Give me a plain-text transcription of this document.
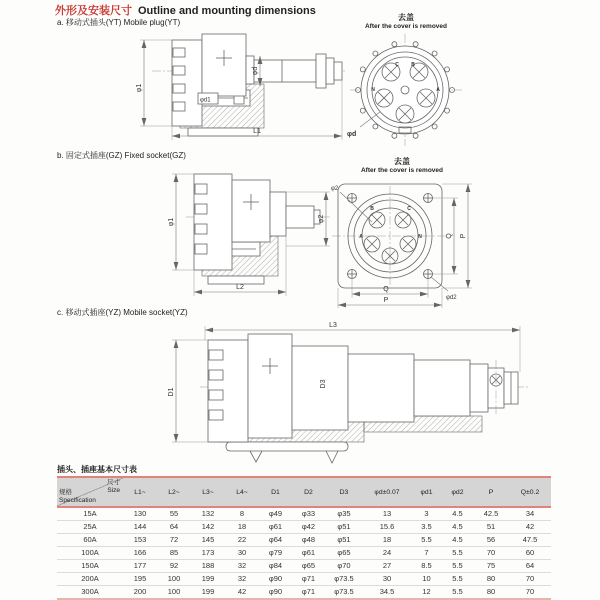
外形及安装尺寸 Outline and mounting dimensions
a. 移动式插头(YT) Mobile plug(YT)
φd1
φ1
φd
L1
去盖
After the cover is removed
C B
N	A
φd
b. 固定式插座(GZ) Fixed socket(GZ)
φ1	φ2
L2
去盖
After the cover is removed
B	C
A	N
φ2
Q P
Q
P	φd2
c. 移动式插座(YZ) Mobile socket(YZ)
L3
D1
D3
插头、插座基本尺寸表
尺寸
Size
规格
Specification	L1~	L2~	L3~	L4~	D1	D2	D3	φd±0.07	φd1	φd2	P	Q±0.2
15A	130	55	132	8	φ49	φ33	φ35	13	3	4.5	42.5	34
25A	144	64	142	18	φ61	φ42	φ51	15.6	3.5	4.5	51	42
60A	153	72	145	22	φ64	φ48	φ51	18	5.5	4.5	56	47.5
100A	166	85	173	30	φ79	φ61	φ65	24	7	5.5	70	60
150A	177	92	188	32	φ84	φ65	φ70	27	8.5	5.5	75	64
200A	195	100	199	32	φ90	φ71	φ73.5	30	10	5.5	80	70
300A	200	100	199	42	φ90	φ71	φ73.5	34.5	12	5.5	80	70
